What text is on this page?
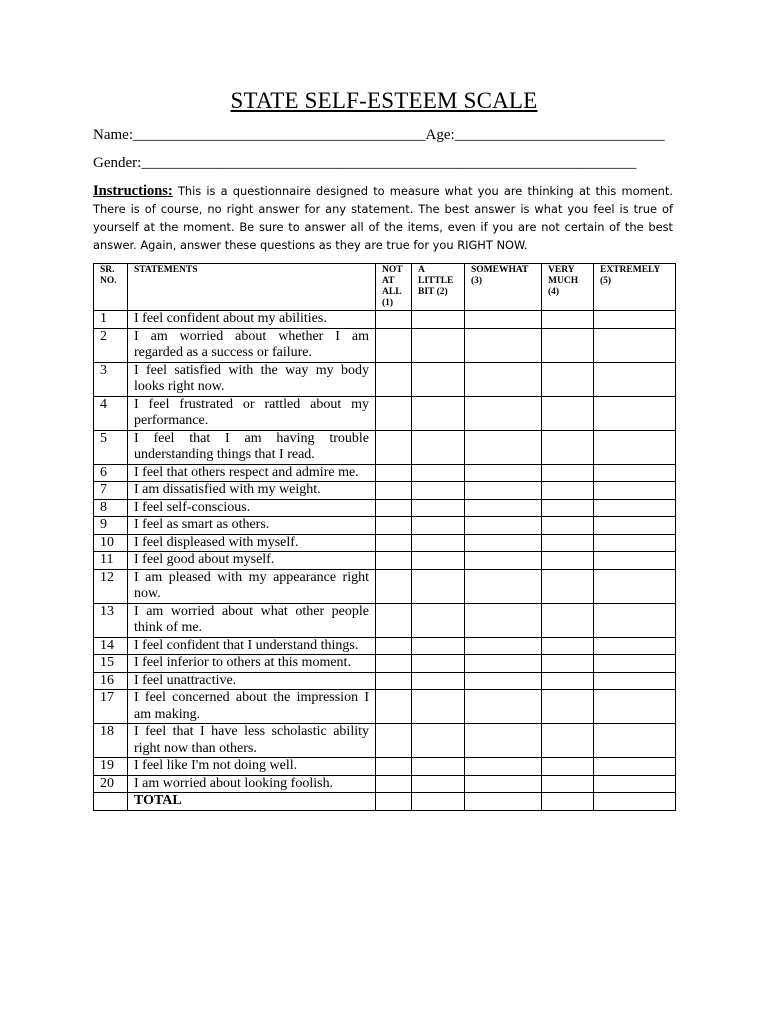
STATE SELF-ESTEEM SCALE
Name:_______________________________________Age:____________________________
Gender:__________________________________________________________________
Instructions: This is a questionnaire designed to measure what you are thinking at this moment. There is of course, no right answer for any statement. The best answer is what you feel is true of yourself at the moment. Be sure to answer all of the items, even if you are not certain of the best answer. Again, answer these questions as they are true for you RIGHT NOW.
SR. NO.	STATEMENTS	NOT AT ALL (1)	A LITTLE BIT (2)	SOMEWHAT (3)	VERY MUCH (4)	EXTREMELY (5)
1	I feel confident about my abilities.					
2	I am worried about whether I am regarded as a success or failure.					
3	I feel satisfied with the way my body looks right now.					
4	I feel frustrated or rattled about my performance.					
5	I feel that I am having trouble understanding things that I read.					
6	I feel that others respect and admire me.					
7	I am dissatisfied with my weight.					
8	I feel self-conscious.					
9	I feel as smart as others.					
10	I feel displeased with myself.					
11	I feel good about myself.					
12	I am pleased with my appearance right now.					
13	I am worried about what other people think of me.					
14	I feel confident that I understand things.					
15	I feel inferior to others at this moment.					
16	I feel unattractive.					
17	I feel concerned about the impression I am making.					
18	I feel that I have less scholastic ability right now than others.					
19	I feel like I'm not doing well.					
20	I am worried about looking foolish.					
	TOTAL					
